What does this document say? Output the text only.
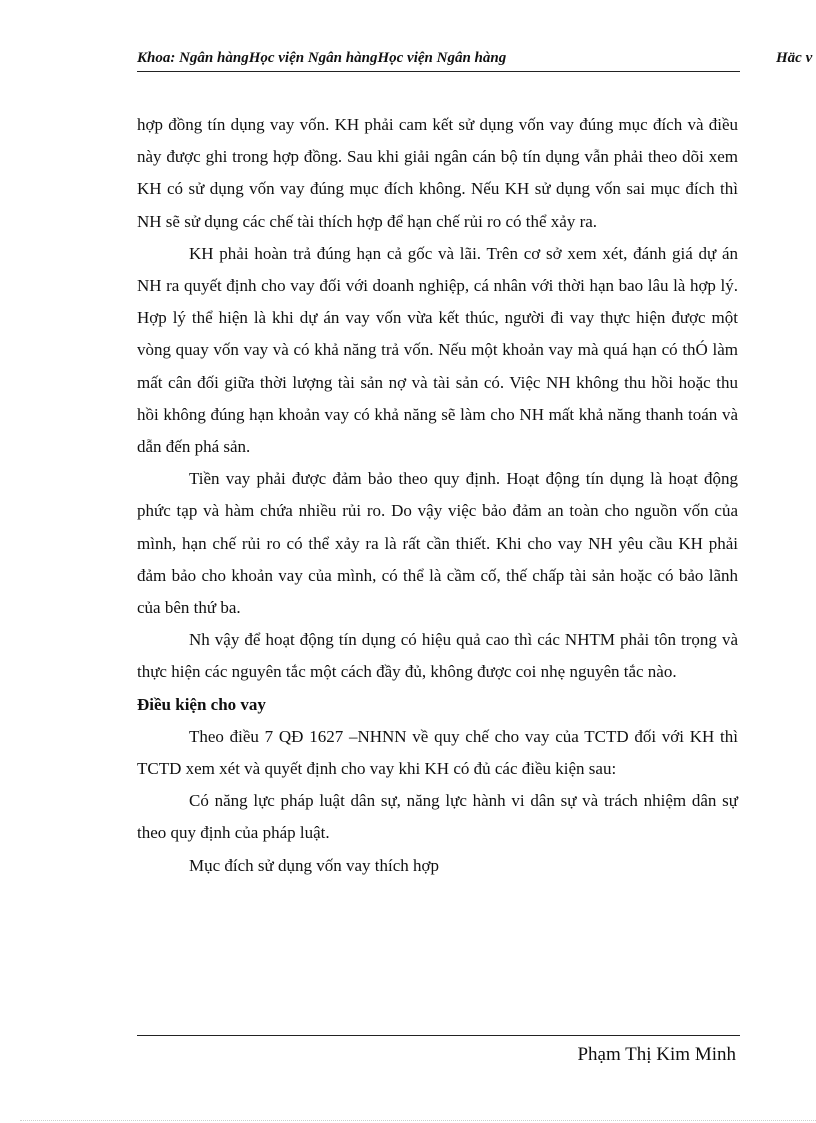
Khoa: Ngân hàngHọc viện Ngân hàngHọc viện Ngân hàng	Häc v

hợp đồng tín dụng vay vốn. KH phải cam kết sử dụng vốn vay đúng mục đích và điều này được ghi trong hợp đồng. Sau khi giải ngân cán bộ tín dụng vẫn phải theo dõi xem KH có sử dụng vốn vay đúng mục đích không. Nếu KH sử dụng vốn sai mục đích thì NH sẽ sử dụng các chế tài thích hợp để hạn chế rủi ro có thể xảy ra.

KH phải hoàn trả đúng hạn cả gốc và lãi. Trên cơ sở xem xét, đánh giá dự án NH ra quyết định cho vay đối với doanh nghiệp, cá nhân với thời hạn bao lâu là hợp lý. Hợp lý thể hiện là khi dự án vay vốn vừa kết thúc, người đi vay thực hiện được một vòng quay vốn vay và có khả năng trả vốn. Nếu một khoản vay mà quá hạn có thÓ làm mất cân đối giữa thời lượng tài sản nợ và tài sản có. Việc NH không thu hồi hoặc thu hồi không đúng hạn khoản vay có khả năng sẽ làm cho NH mất khả năng thanh toán và dẫn đến phá sản.

Tiền vay phải được đảm bảo theo quy định. Hoạt động tín dụng là hoạt động phức tạp và hàm chứa nhiều rủi ro. Do vậy việc bảo đảm an toàn cho nguồn vốn của mình, hạn chế rủi ro có thể xảy ra là rất cần thiết. Khi cho vay NH yêu cầu KH phải đảm bảo cho khoản vay của mình, có thể là cầm cố, thế chấp tài sản hoặc có bảo lãnh của bên thứ ba.

Nh vậy để hoạt động tín dụng có hiệu quả cao thì các NHTM phải tôn trọng và thực hiện các nguyên tắc một cách đầy đủ, không được coi nhẹ nguyên tắc nào.

Điều kiện cho vay

Theo điều 7 QĐ 1627 –NHNN về quy chế cho vay của TCTD đối với KH thì TCTD xem xét và quyết định cho vay khi KH có đủ các điều kiện sau:

Có năng lực pháp luật dân sự, năng lực hành vi dân sự và trách nhiệm dân sự theo quy định của pháp luật.

Mục đích sử dụng vốn vay thích hợp

Phạm Thị Kim Minh
